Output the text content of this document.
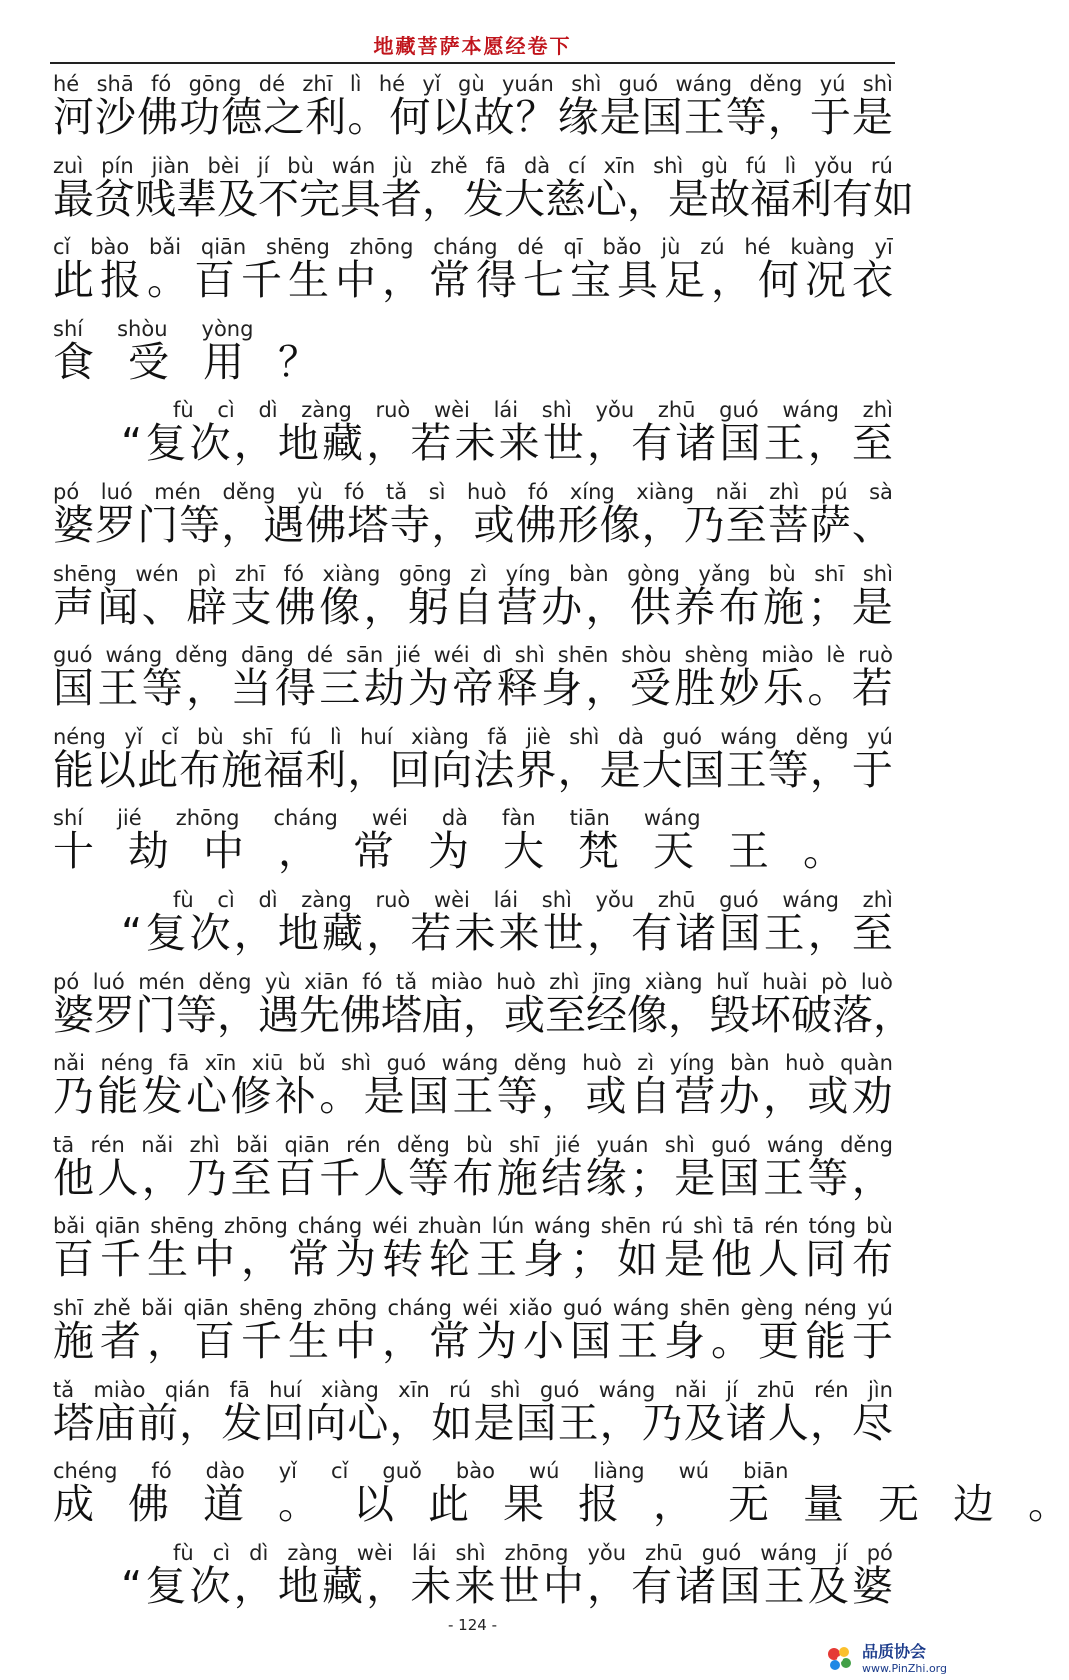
地藏菩萨本愿经卷下
hé shā fó gōng dé zhī lì hé yǐ gù yuán shì guó wáng děng yú shì
河 沙 佛 功 德 之 利 。 何 以 故 ？ 缘 是 国 王 等 ， 于 是
zuì pín jiàn bèi jí bù wán jù zhě fā dà cí xīn shì gù fú lì yǒu rú
最 贫 贱 辈 及 不 完 具 者 ， 发 大 慈 心 ， 是 故 福 利 有 如
cǐ bào bǎi qiān shēng zhōng cháng dé qī bǎo jù zú hé kuàng yī
此 报 。 百 千 生 中 ， 常 得 七 宝 具 足 ， 何 况 衣
shí shòu yòng
食 受 用 ？
fù cì dì zàng ruò wèi lái shì yǒu zhū guó wáng zhì
“ 复 次 ， 地 藏 ， 若 未 来 世 ， 有 诸 国 王 ， 至
pó luó mén děng yù fó tǎ sì huò fó xíng xiàng nǎi zhì pú sà
婆 罗 门 等 ， 遇 佛 塔 寺 ， 或 佛 形 像 ， 乃 至 菩 萨 、
shēng wén pì zhī fó xiàng gōng zì yíng bàn gòng yǎng bù shī shì
声 闻 、 辟 支 佛 像 ， 躬 自 营 办 ， 供 养 布 施 ； 是
guó wáng děng dāng dé sān jié wéi dì shì shēn shòu shèng miào lè ruò
国 王 等 ， 当 得 三 劫 为 帝 释 身 ， 受 胜 妙 乐 。 若
néng yǐ cǐ bù shī fú lì huí xiàng fǎ jiè shì dà guó wáng děng yú
能 以 此 布 施 福 利 ， 回 向 法 界 ， 是 大 国 王 等 ， 于
shí jié zhōng cháng wéi dà fàn tiān wáng
十 劫 中 ， 常 为 大 梵 天 王 。
fù cì dì zàng ruò wèi lái shì yǒu zhū guó wáng zhì
“ 复 次 ， 地 藏 ， 若 未 来 世 ， 有 诸 国 王 ， 至
pó luó mén děng yù xiān fó tǎ miào huò zhì jīng xiàng huǐ huài pò luò
婆 罗 门 等 ， 遇 先 佛 塔 庙 ， 或 至 经 像 ， 毁 坏 破 落 ，
nǎi néng fā xīn xiū bǔ shì guó wáng děng huò zì yíng bàn huò quàn
乃 能 发 心 修 补 。 是 国 王 等 ， 或 自 营 办 ， 或 劝
tā rén nǎi zhì bǎi qiān rén děng bù shī jié yuán shì guó wáng děng
他 人 ， 乃 至 百 千 人 等 布 施 结 缘 ； 是 国 王 等 ，
bǎi qiān shēng zhōng cháng wéi zhuàn lún wáng shēn rú shì tā rén tóng bù
百 千 生 中 ， 常 为 转 轮 王 身 ； 如 是 他 人 同 布
shī zhě bǎi qiān shēng zhōng cháng wéi xiǎo guó wáng shēn gèng néng yú
施 者 ， 百 千 生 中 ， 常 为 小 国 王 身 。 更 能 于
tǎ miào qián fā huí xiàng xīn rú shì guó wáng nǎi jí zhū rén jìn
塔 庙 前 ， 发 回 向 心 ， 如 是 国 王 ， 乃 及 诸 人 ， 尽
chéng fó dào yǐ cǐ guǒ bào wú liàng wú biān
成 佛 道 。 以 此 果 报 ， 无 量 无 边 。
fù cì dì zàng wèi lái shì zhōng yǒu zhū guó wáng jí pó
“ 复 次 ， 地 藏 ， 未 来 世 中 ， 有 诸 国 王 及 婆
- 124 -
品质协会
www.PinZhi.org
